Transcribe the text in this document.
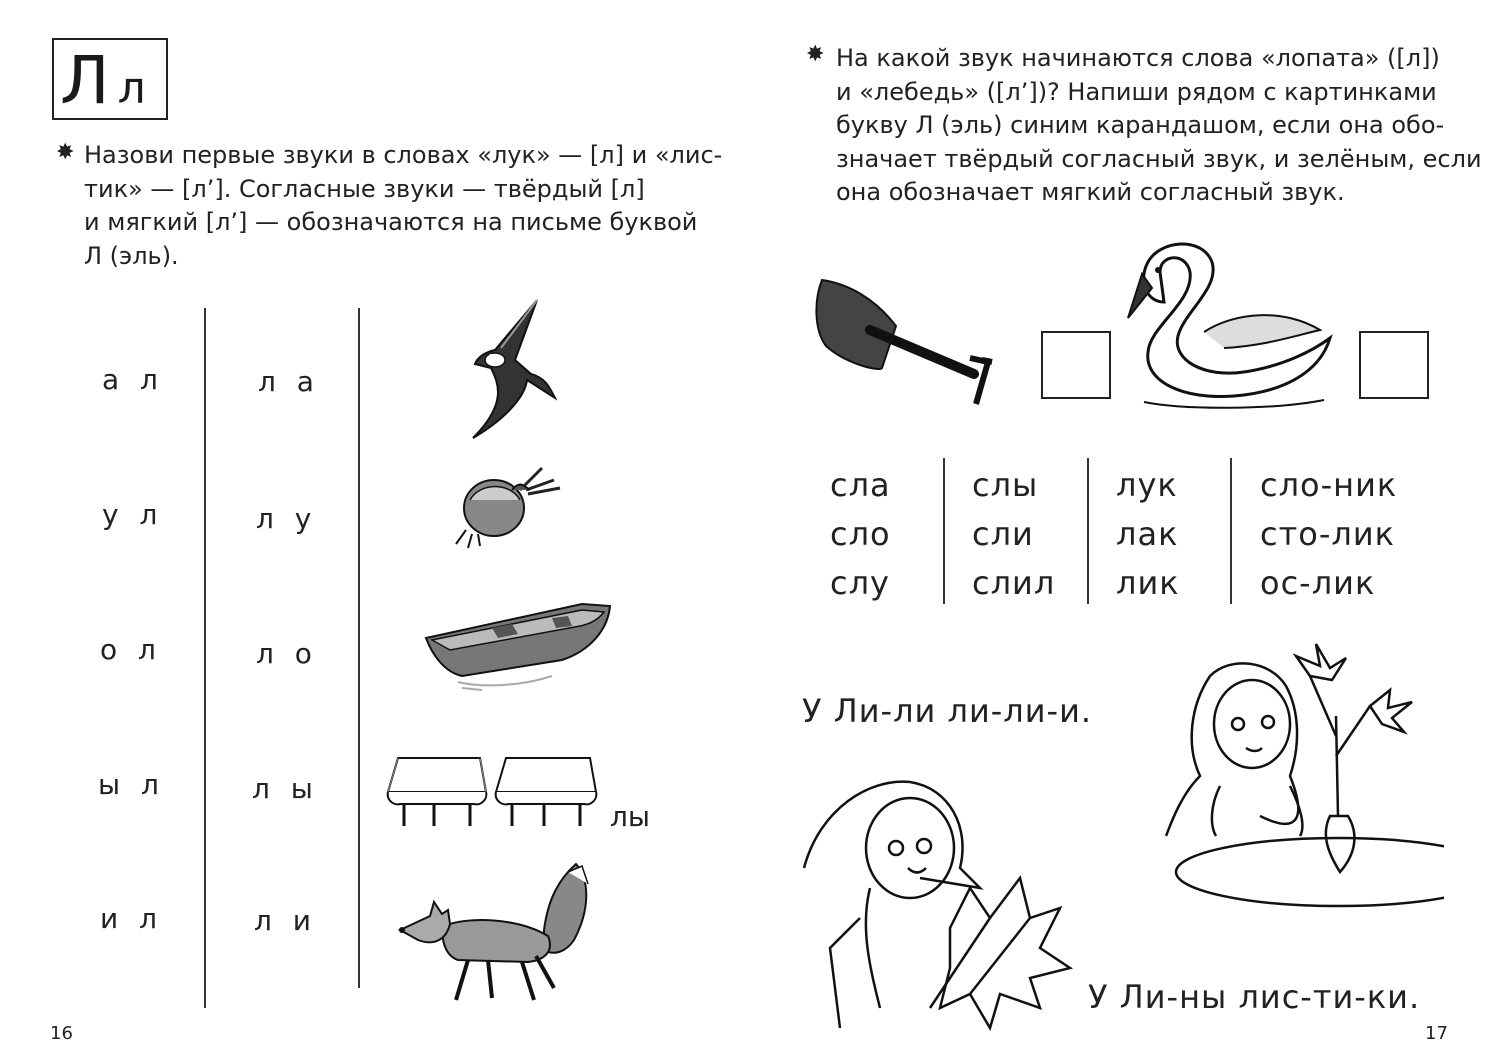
Л л
✸ Назови первые звуки в словах «лук» — [л] и «лис-
тик» — [л’]. Согласные звуки — твёрдый [л]
и мягкий [л’] — обозначаются на письме буквой
Л (эль).
а л
у л
о л
ы л
и л
л а
л у
л о
л ы
л и
лы
16
✸ На какой звук начинаются слова «лопата» ([л])
и «лебедь» ([л’])? Напиши рядом с картинками
букву Л (эль) синим карандашом, если она обо-
значает твёрдый согласный звук, и зелёным, если
она обозначает мягкий согласный звук.
сла
сло
слу
слы
сли
слил
лук
лак
лик
сло-ник
сто-лик
ос-лик
У Ли-ли ли-ли-и.
У Ли-ны лис-ти-ки.
17
